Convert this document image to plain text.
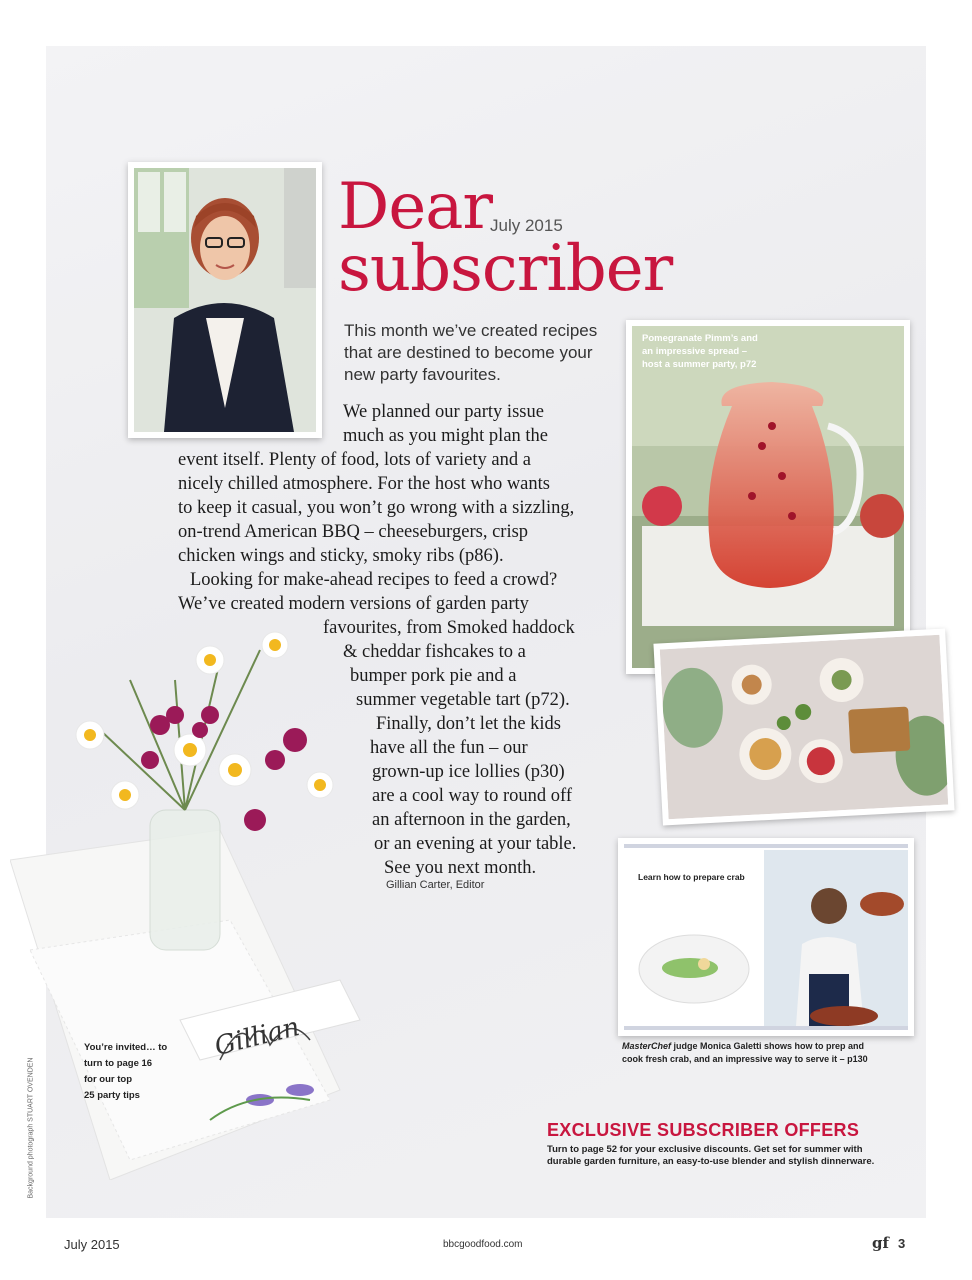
Dear
July 2015
subscriber
This month we’ve created recipes
that are destined to become your
new party favourites.
We planned our party issue
much as you might plan the
event itself. Plenty of food, lots of variety and a
nicely chilled atmosphere. For the host who wants
to keep it casual, you won’t go wrong with a sizzling,
on-trend American BBQ – cheeseburgers, crisp
chicken wings and sticky, smoky ribs (p86).
Looking for make-ahead recipes to feed a crowd?
We’ve created modern versions of garden party
favourites, from Smoked haddock
& cheddar fishcakes to a
bumper pork pie and a
summer vegetable tart (p72).
Finally, don’t let the kids
have all the fun – our
grown-up ice lollies (p30)
are a cool way to round off
an afternoon in the garden,
or an evening at your table.
See you next month.
Gillian Carter, Editor
Pomegranate Pimm’s and
an impressive spread –
host a summer party, p72
Learn how to prepare crab
MasterChef judge Monica Galetti shows how to prep and
cook fresh crab, and an impressive way to serve it – p130
Gillian
You’re invited… to
turn to page 16
for our top
25 party tips
Background photograph STUART OVENDEN	EXCLUSIVE SUBSCRIBER OFFERS
Turn to page 52 for your exclusive discounts. Get set for summer with
durable garden furniture, an easy-to-use blender and stylish dinnerware.
July 2015	bbcgoodfood.com	gf 3
